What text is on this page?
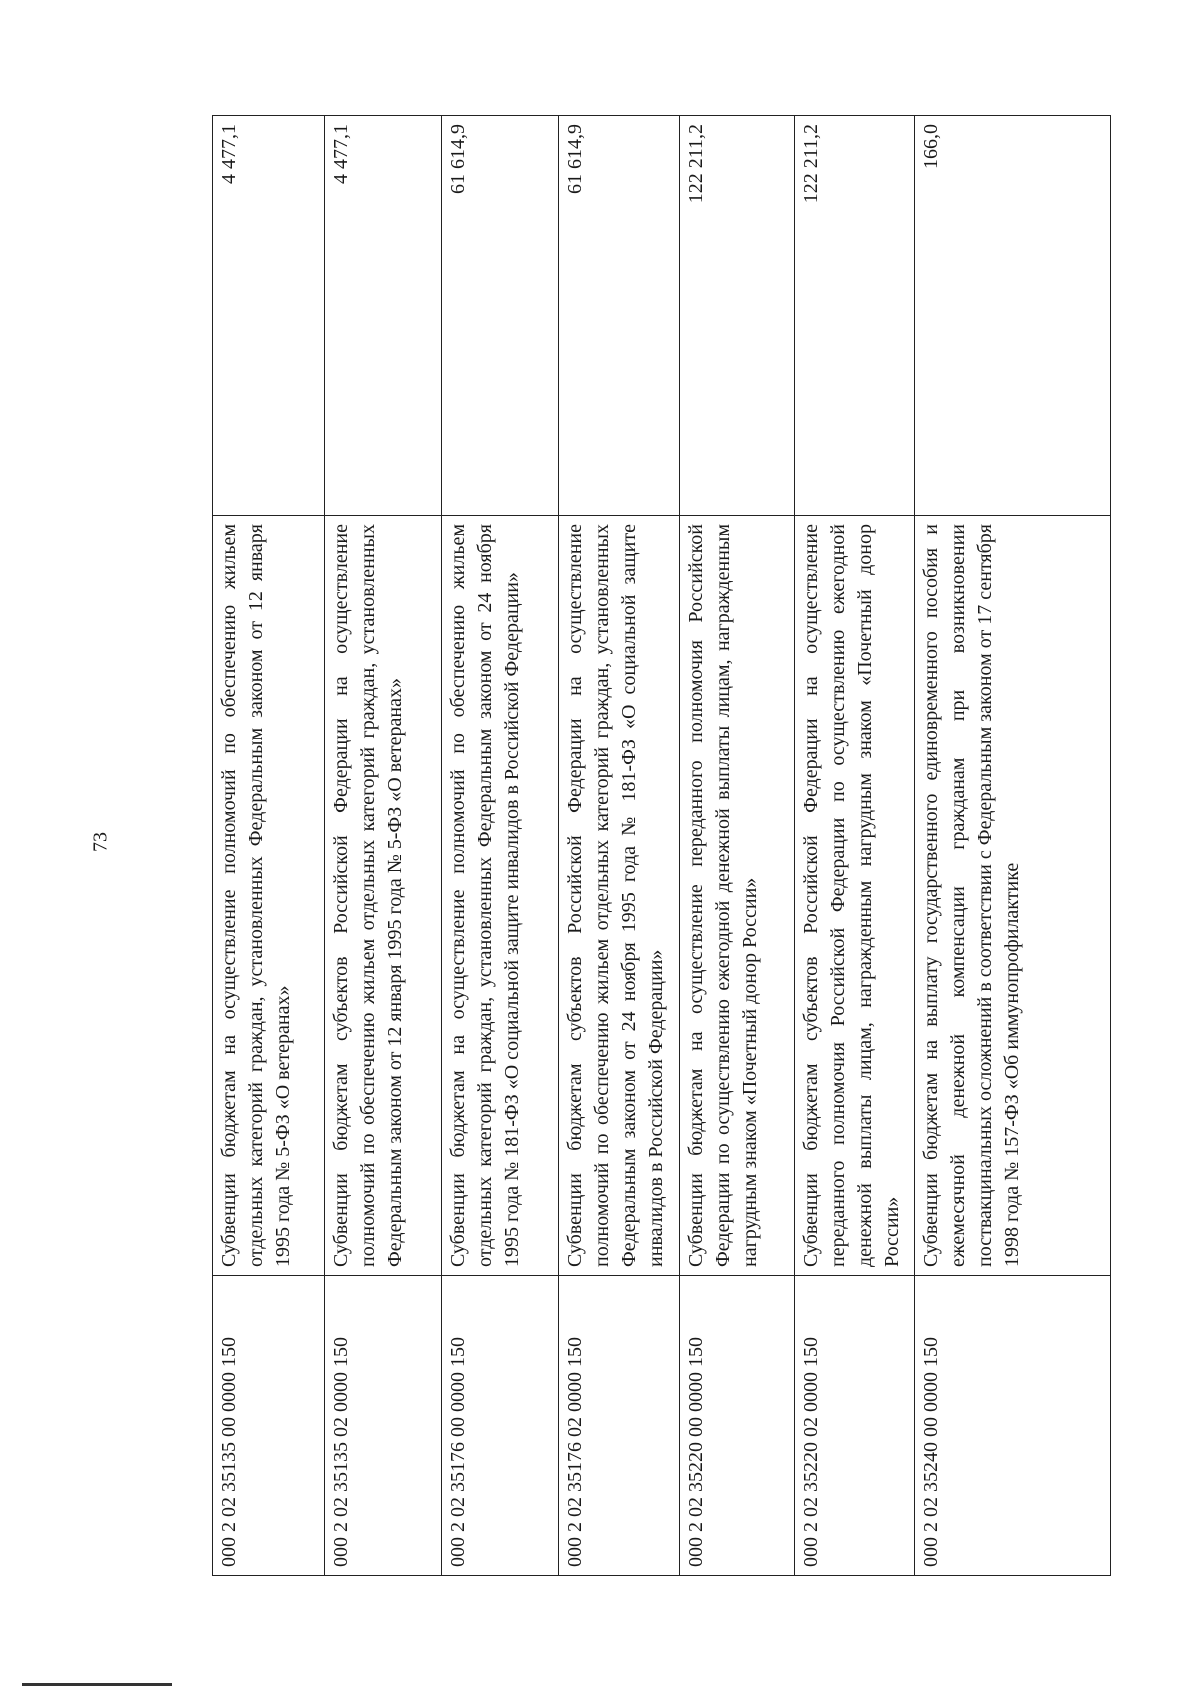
73
000 2 02 35135 00 0000 150	Субвенции бюджетам на осуществление полномочий по обеспечению жильем отдельных категорий граждан, установленных Федеральным законом от 12 января 1995 года № 5-ФЗ «О ветеранах»	4 477,1
000 2 02 35135 02 0000 150	Субвенции бюджетам субъектов Российской Федерации на осуществление полномочий по обеспечению жильем отдельных категорий граждан, установленных Федеральным законом от 12 января 1995 года № 5-ФЗ «О ветеранах»	4 477,1
000 2 02 35176 00 0000 150	Субвенции бюджетам на осуществление полномочий по обеспечению жильем отдельных категорий граждан, установленных Федеральным законом от 24 ноября 1995 года № 181-ФЗ «О социальной защите инвалидов в Российской Федерации»	61 614,9
000 2 02 35176 02 0000 150	Субвенции бюджетам субъектов Российской Федерации на осуществление полномочий по обеспечению жильем отдельных категорий граждан, установленных Федеральным законом от 24 ноября 1995 года № 181-ФЗ «О социальной защите инвалидов в Российской Федерации»	61 614,9
000 2 02 35220 00 0000 150	Субвенции бюджетам на осуществление переданного полномочия Российской Федерации по осуществлению ежегодной денежной выплаты лицам, награжденным нагрудным знаком «Почетный донор России»	122 211,2
000 2 02 35220 02 0000 150	Субвенции бюджетам субъектов Российской Федерации на осуществление переданного полномочия Российской Федерации по осуществлению ежегодной денежной выплаты лицам, награжденным нагрудным знаком «Почетный донор России»	122 211,2
000 2 02 35240 00 0000 150	Субвенции бюджетам на выплату государственного единовременного пособия и ежемесячной денежной компенсации гражданам при возникновении поствакцинальных осложнений в соответствии с Федеральным законом от 17 сентября 1998 года № 157-ФЗ «Об иммунопрофилактике	166,0
